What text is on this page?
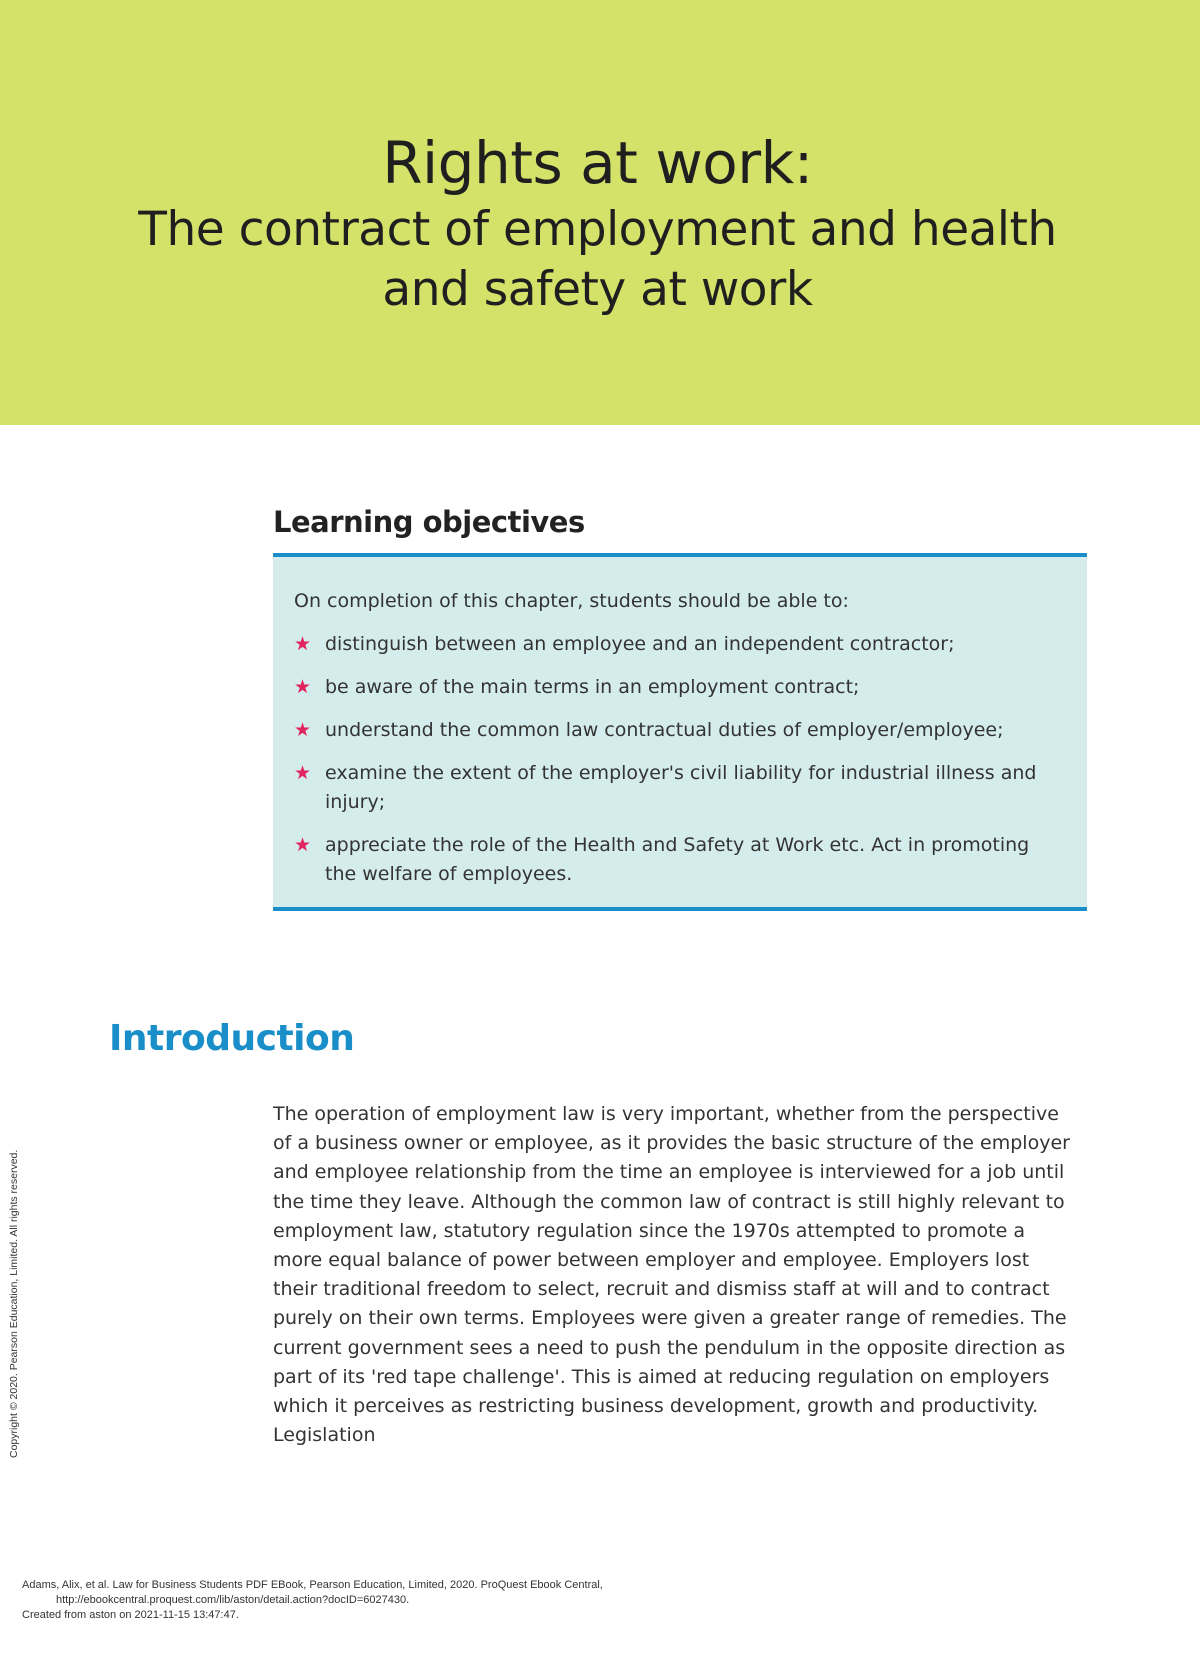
Rights at work:
The contract of employment and health
and safety at work
Learning objectives

On completion of this chapter, students should be able to:

★ distinguish between an employee and an independent contractor;
★ be aware of the main terms in an employment contract;
★ understand the common law contractual duties of employer/employee;
★ examine the extent of the employer's civil liability for industrial illness and injury;
★ appreciate the role of the Health and Safety at Work etc. Act in promoting the welfare of employees.
Introduction

The operation of employment law is very important, whether from the perspective of a business owner or employee, as it provides the basic structure of the employer and employee relationship from the time an employee is interviewed for a job until the time they leave. Although the common law of contract is still highly relevant to employment law, statutory regulation since the 1970s attempted to promote a more equal balance of power between employer and employee. Employers lost their traditional freedom to select, recruit and dismiss staff at will and to contract purely on their own terms. Employees were given a greater range of remedies. The current government sees a need to push the pendulum in the opposite direction as part of its 'red tape challenge'. This is aimed at reducing regulation on employers which it perceives as restricting business development, growth and productivity. Legislation

Copyright © 2020. Pearson Education, Limited. All rights reserved.
Adams, Alix, et al. Law for Business Students PDF EBook, Pearson Education, Limited, 2020. ProQuest Ebook Central,
http://ebookcentral.proquest.com/lib/aston/detail.action?docID=6027430.
Created from aston on 2021-11-15 13:47:47.
